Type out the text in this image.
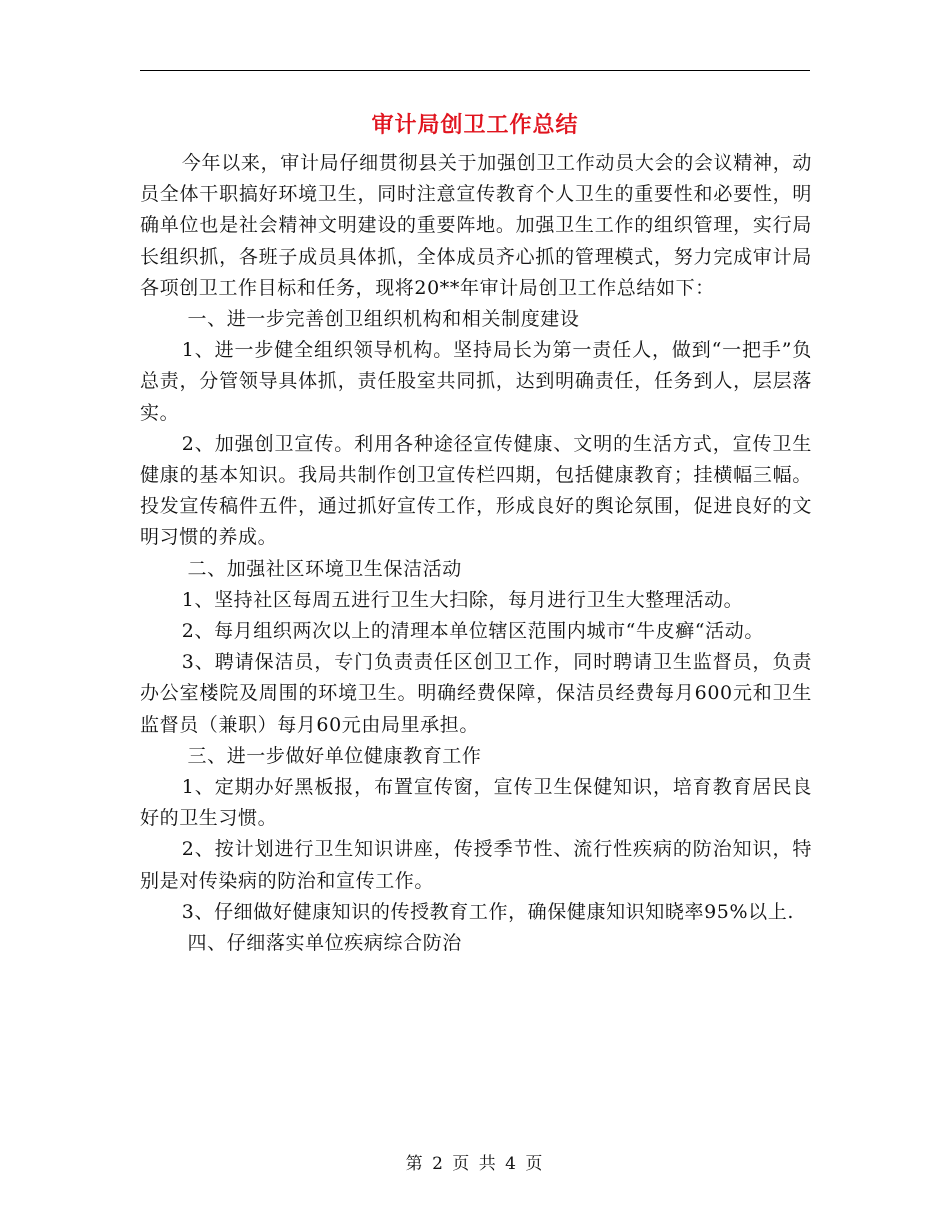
审计局创卫工作总结

今年以来，审计局仔细贯彻县关于加强创卫工作动员大会的会议精神，动员全体干职搞好环境卫生，同时注意宣传教育个人卫生的重要性和必要性，明确单位也是社会精神文明建设的重要阵地。加强卫生工作的组织管理，实行局长组织抓，各班子成员具体抓，全体成员齐心抓的管理模式，努力完成审计局各项创卫工作目标和任务，现将20**年审计局创卫工作总结如下：

一、进一步完善创卫组织机构和相关制度建设

1、进一步健全组织领导机构。坚持局长为第一责任人，做到“一把手”负总责，分管领导具体抓，责任股室共同抓，达到明确责任，任务到人，层层落实。

2、加强创卫宣传。利用各种途径宣传健康、文明的生活方式，宣传卫生健康的基本知识。我局共制作创卫宣传栏四期，包括健康教育；挂横幅三幅。投发宣传稿件五件，通过抓好宣传工作，形成良好的舆论氛围，促进良好的文明习惯的养成。

二、加强社区环境卫生保洁活动

1、坚持社区每周五进行卫生大扫除，每月进行卫生大整理活动。

2、每月组织两次以上的清理本单位辖区范围内城市“牛皮癣“活动。

3、聘请保洁员，专门负责责任区创卫工作，同时聘请卫生监督员，负责办公室楼院及周围的环境卫生。明确经费保障，保洁员经费每月600元和卫生监督员（兼职）每月60元由局里承担。

三、进一步做好单位健康教育工作

1、定期办好黑板报，布置宣传窗，宣传卫生保健知识，培育教育居民良好的卫生习惯。

2、按计划进行卫生知识讲座，传授季节性、流行性疾病的防治知识，特别是对传染病的防治和宣传工作。

3、仔细做好健康知识的传授教育工作，确保健康知识知晓率95%以上.

四、仔细落实单位疾病综合防治

第 2 页 共 4 页
